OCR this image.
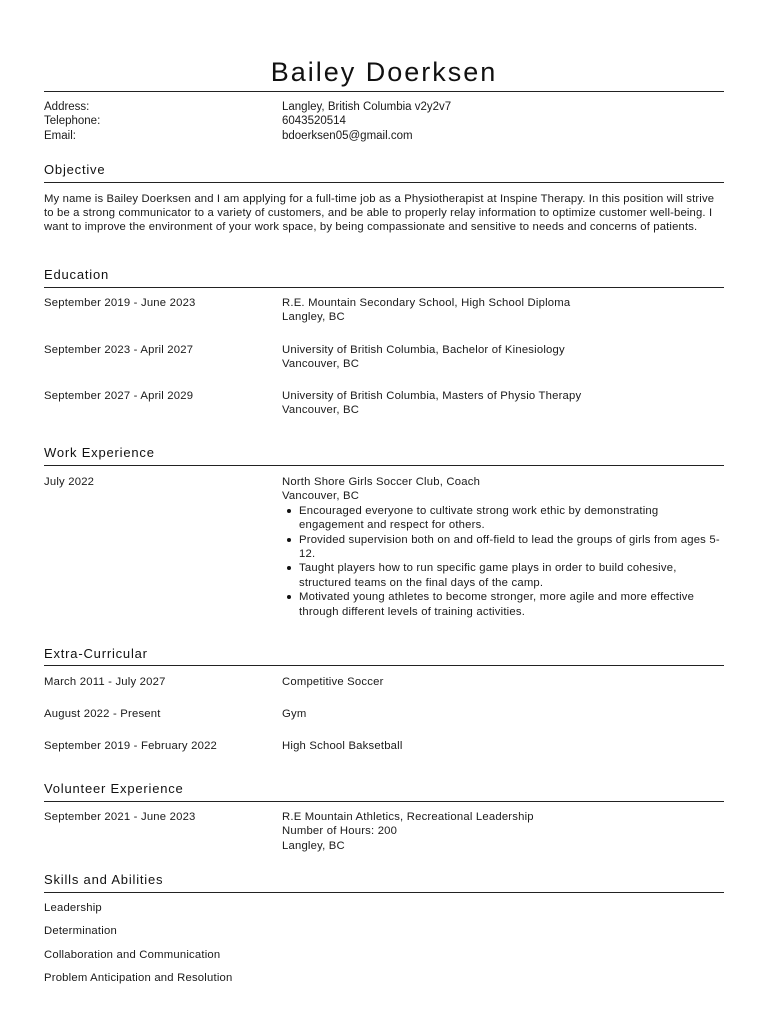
Bailey Doerksen
Address:	Langley, British Columbia v2y2v7
Telephone:	6043520514
Email:	bdoerksen05@gmail.com
Objective
My name is Bailey Doerksen and I am applying for a full-time job as a Physiotherapist at Inspine Therapy. In this position will strive to be a strong communicator to a variety of customers, and be able to properly relay information to optimize customer well-being. I want to improve the environment of your work space, by being compassionate and sensitive to needs and concerns of patients.
Education
September 2019 - June 2023	R.E. Mountain Secondary School, High School Diploma
Langley, BC
September 2023 - April 2027	University of British Columbia, Bachelor of Kinesiology
Vancouver, BC
September 2027 - April 2029	University of British Columbia, Masters of Physio Therapy
Vancouver, BC
Work Experience
July 2022	North Shore Girls Soccer Club, Coach
Vancouver, BC
Encouraged everyone to cultivate strong work ethic by demonstrating engagement and respect for others.
Provided supervision both on and off-field to lead the groups of girls from ages 5-12.
Taught players how to run specific game plays in order to build cohesive, structured teams on the final days of the camp.
Motivated young athletes to become stronger, more agile and more effective through different levels of training activities.
Extra-Curricular
March 2011 - July 2027	Competitive Soccer
August 2022 - Present	Gym
September 2019 - February 2022	High School Baksetball
Volunteer Experience
September 2021 - June 2023	R.E Mountain Athletics, Recreational Leadership
Number of Hours: 200
Langley, BC
Skills and Abilities
Leadership
Determination
Collaboration and Communication
Problem Anticipation and Resolution
